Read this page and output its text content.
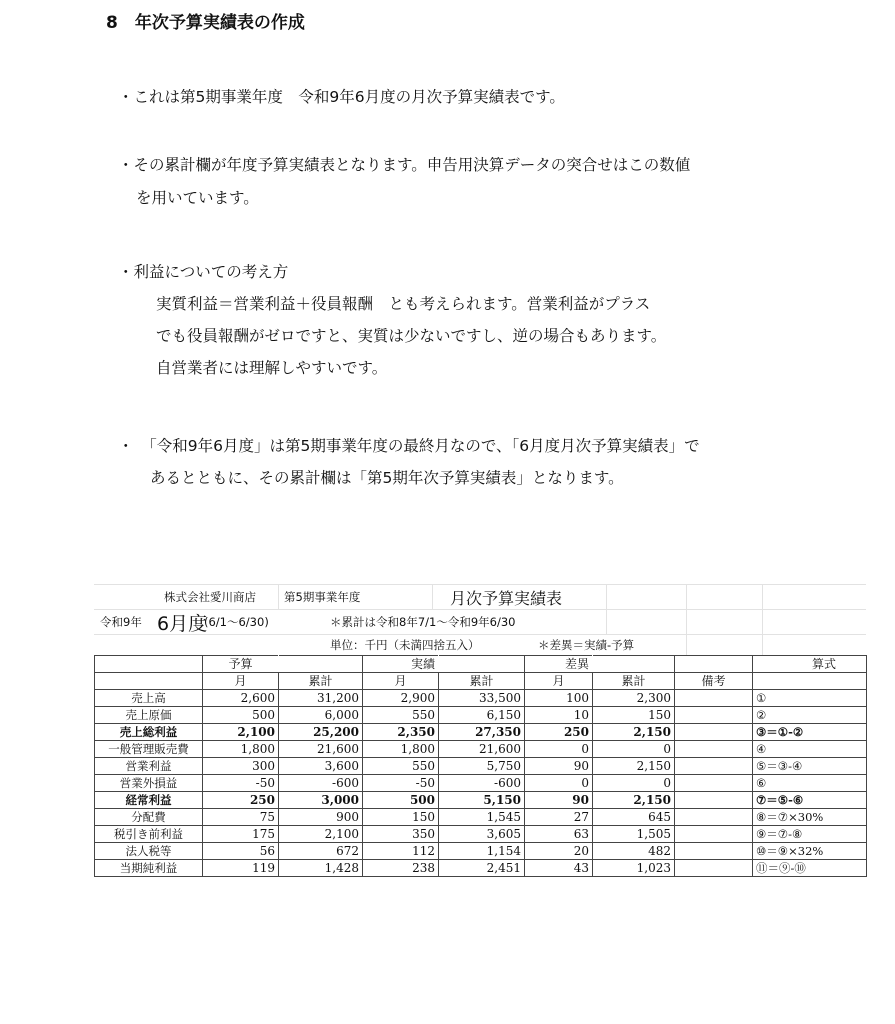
8　年次予算実績表の作成
・これは第5期事業年度　令和9年6月度の月次予算実績表です。
・その累計欄が年度予算実績表となります。申告用決算データの突合せはこの数値
を用いています。
・利益についての考え方
実質利益＝営業利益＋役員報酬　とも考えられます。営業利益がプラス
でも役員報酬がゼロですと、実質は少ないですし、逆の場合もあります。
自営業者には理解しやすいです。
・　「令和9年6月度」は第5期事業年度の最終月なので、「6月度月次予算実績表」で
あるとともに、その累計欄は「第5期年次予算実績表」となります。
株式会社愛川商店 第5期事業年度	月次予算実績表
令和9年 6月度
(6/1～6/30)	＊累計は令和8年7/1～令和9年6/30
単位：千円（未満四捨五入）	＊差異＝実績-予算
	予算		実績		差異			算式
	月	累計	月	累計	月	累計	備考	
売上高	2,600	31,200	2,900	33,500	100	2,300		①
売上原価	500	6,000	550	6,150	10	150		②
売上総利益	2,100	25,200	2,350	27,350	250	2,150		③＝①-②
一般管理販売費	1,800	21,600	1,800	21,600	0	0		④
営業利益	300	3,600	550	5,750	90	2,150		⑤＝③-④
営業外損益	-50	-600	-50	-600	0	0		⑥
経常利益	250	3,000	500	5,150	90	2,150		⑦＝⑤-⑥
分配費	75	900	150	1,545	27	645		⑧＝⑦×30%
税引き前利益	175	2,100	350	3,605	63	1,505		⑨＝⑦-⑧
法人税等	56	672	112	1,154	20	482		⑩＝⑨×32%
当期純利益	119	1,428	238	2,451	43	1,023		⑪＝⑨-⑩
